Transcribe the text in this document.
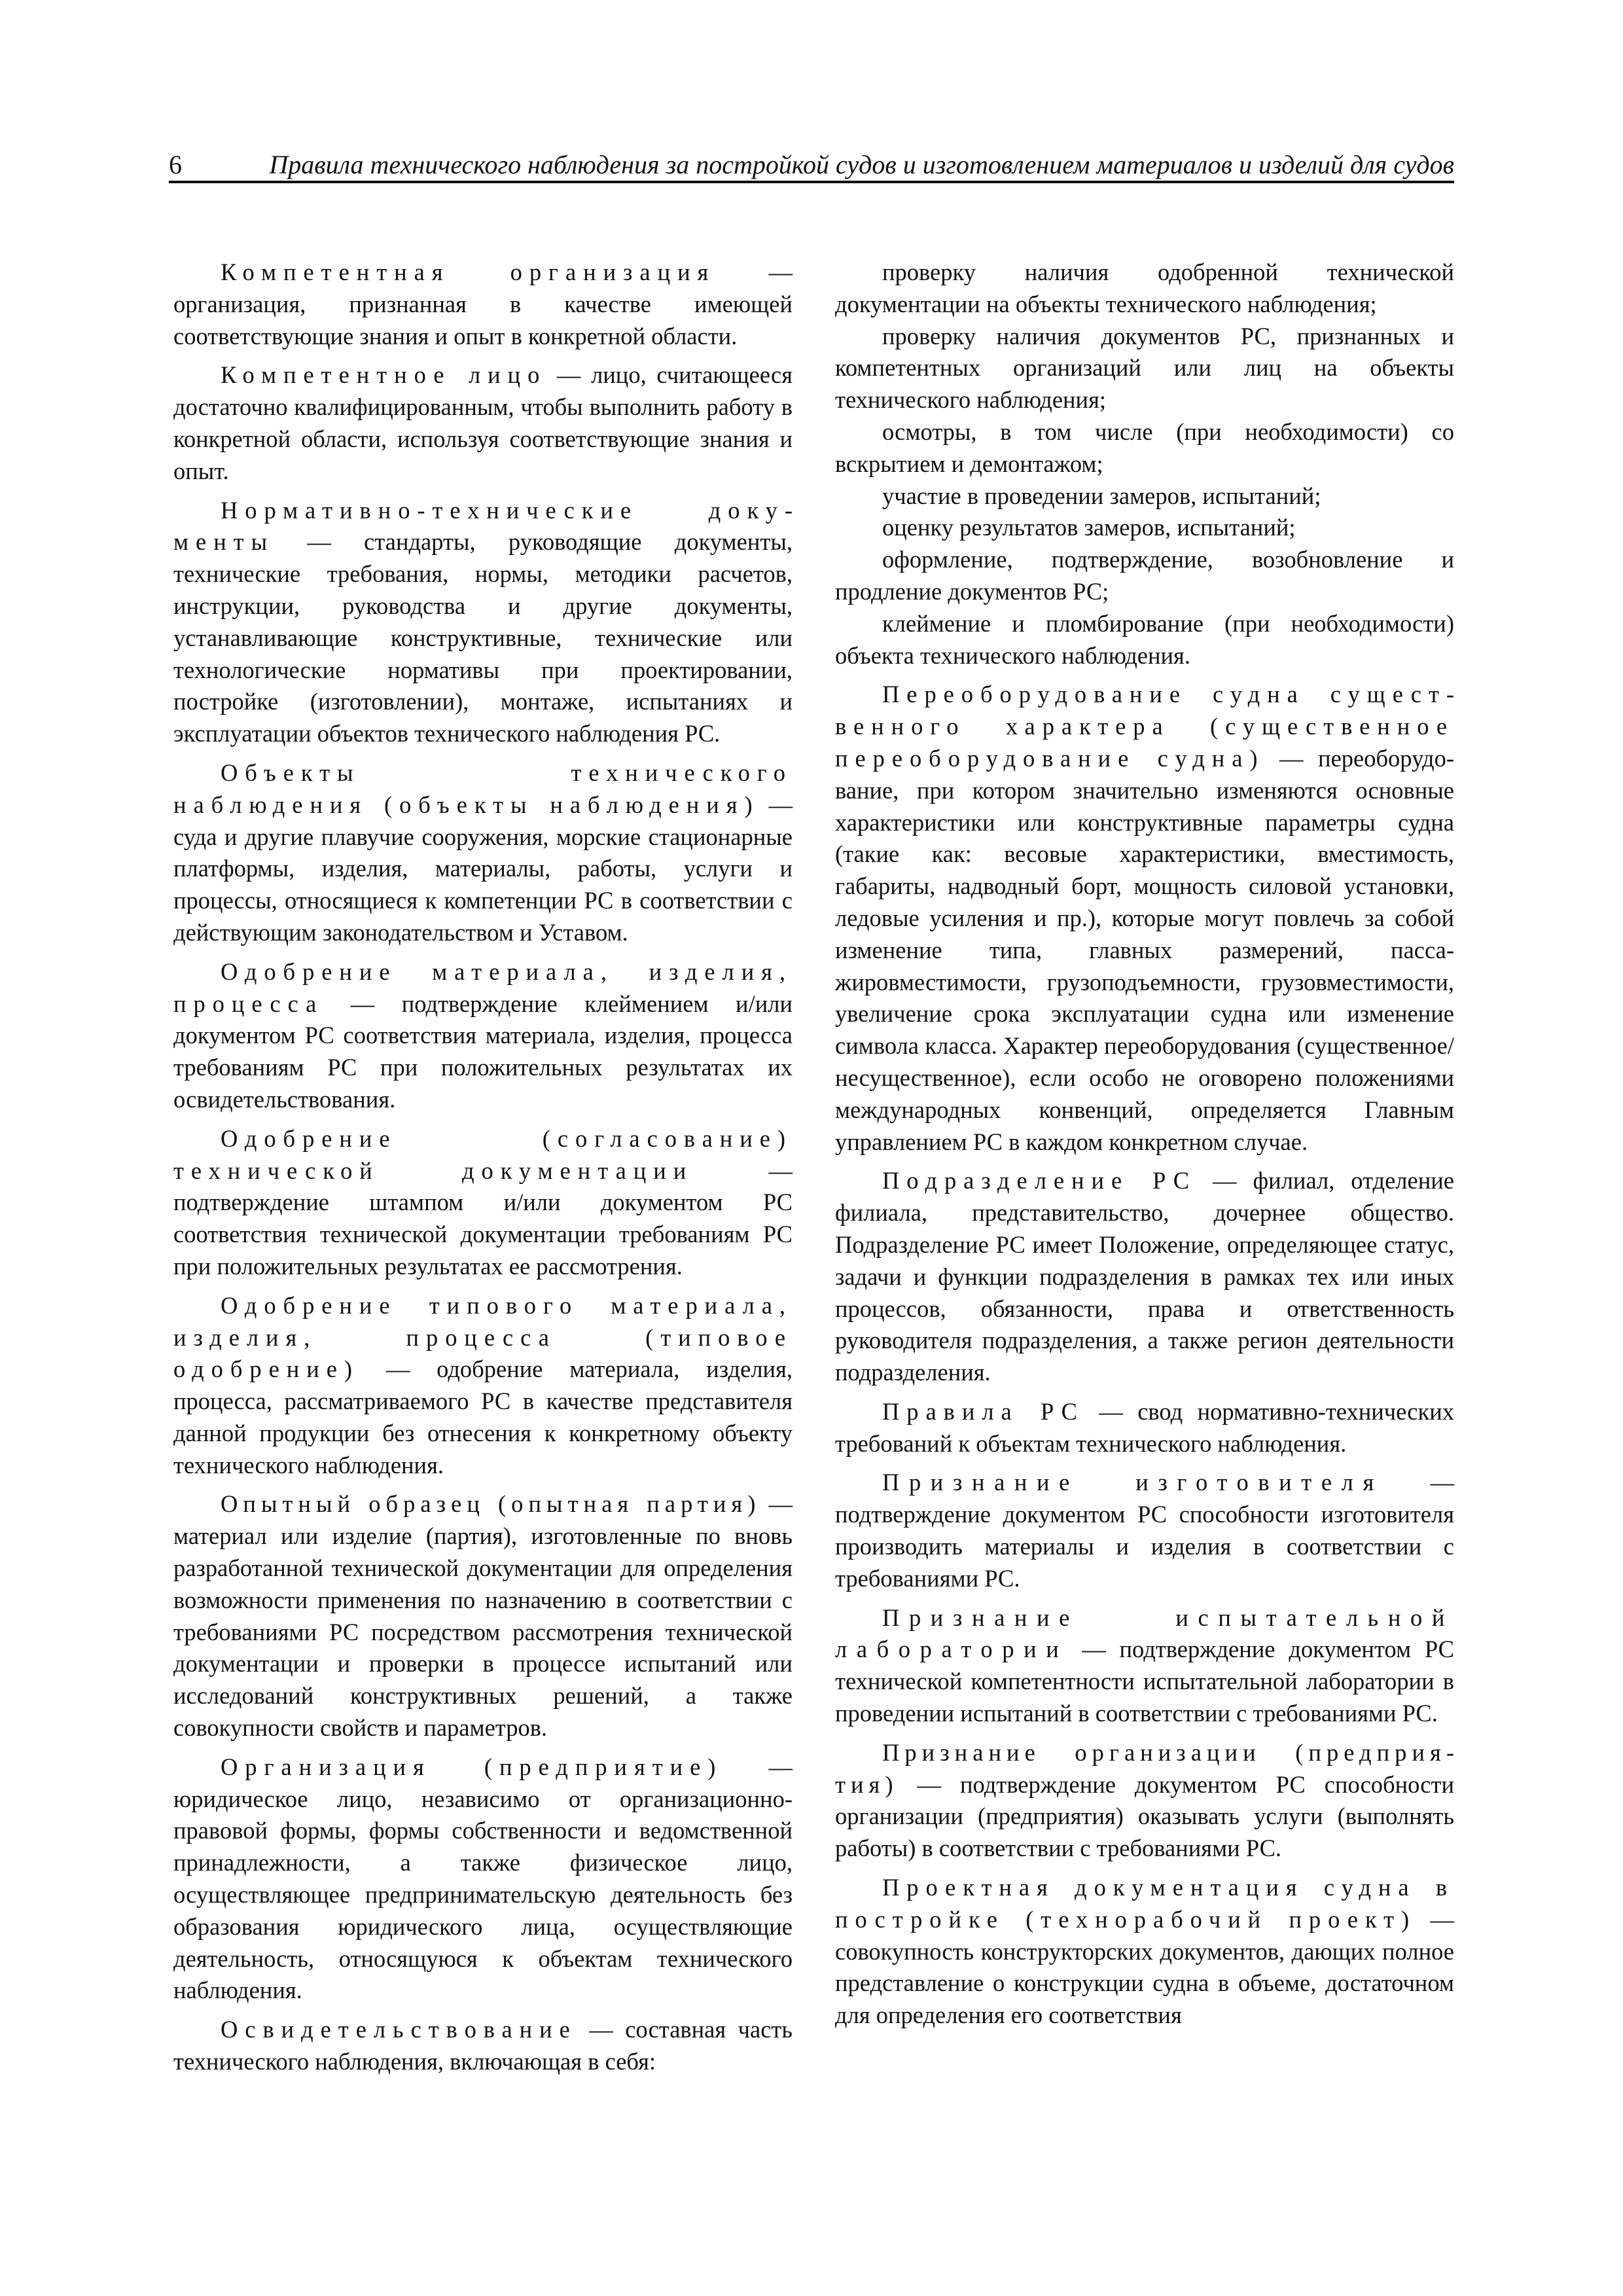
6	Правила технического наблюдения за постройкой судов и изготовлением материалов и изделий для судов

Компетентная организация — организация, признанная в качестве имеющей соответствующие знания и опыт в конкретной области.

Компетентное лицо — лицо, считающееся достаточно квалифицированным, чтобы выполнить работу в конкретной области, используя соответствующие знания и опыт.

Нормативно-технические документы — стандарты, руководящие документы, технические требования, нормы, методики расчетов, инструкции, руководства и другие документы, устанавливающие конструктивные, технические или технологические нормативы при проектировании, постройке (изготовлении), монтаже, испытаниях и эксплуатации объектов технического наблюдения РС.

Объекты технического наблюдения (объекты наблюдения) — суда и другие плавучие сооружения, морские стационарные платформы, изделия, материалы, работы, услуги и процессы, относящиеся к компетенции РС в соответствии с действующим законодательством и Уставом.

Одобрение материала, изделия, процесса — подтверждение клеймением и/или документом РС соответствия материала, изделия, процесса требованиям РС при положительных результатах их освидетельствования.

Одобрение (согласование) технической документации — подтверждение штампом и/или документом РС соответствия технической документации требованиям РС при положительных результатах ее рассмотрения.

Одобрение типового материала, изделия, процесса (типовое одобрение) — одобрение материала, изделия, процесса, рассматриваемого РС в качестве представителя данной продукции без отнесения к конкретному объекту технического наблюдения.

Опытный образец (опытная партия) — материал или изделие (партия), изготовленные по вновь разработанной технической документации для определения возможности применения по назначению в соответствии с требованиями РС посредством рассмотрения технической документации и проверки в процессе испытаний или исследований конструктивных решений, а также совокупности свойств и параметров.

Организация (предприятие) — юридическое лицо, независимо от организационно-правовой формы, формы собственности и ведомственной принадлежности, а также физическое лицо, осуществляющее предпринимательскую деятельность без образования юридического лица, осуществляющие деятельность, относящуюся к объектам технического наблюдения.

Освидетельствование — составная часть технического наблюдения, включающая в себя:

проверку наличия одобренной технической документации на объекты технического наблюдения;

проверку наличия документов РС, признанных и компетентных организаций или лиц на объекты технического наблюдения;

осмотры, в том числе (при необходимости) со вскрытием и демонтажом;

участие в проведении замеров, испытаний;

оценку результатов замеров, испытаний;

оформление, подтверждение, возобновление и продление документов РС;

клеймение и пломбирование (при необходимости) объекта технического наблюдения.

Переоборудование судна существенного характера (существенное переоборудование судна) — переоборудование, при котором значительно изменяются основные характеристики или конструктивные параметры судна (такие как: весовые характеристики, вместимость, габариты, надводный борт, мощность силовой установки, ледовые усиления и пр.), которые могут повлечь за собой изменение типа, главных размерений, пассажировместимости, грузоподъемности, грузовместимости, увеличение срока эксплуатации судна или изменение символа класса. Характер переоборудования (существенное/несущественное), если особо не оговорено положениями международных конвенций, определяется Главным управлением РС в каждом конкретном случае.

Подразделение РС — филиал, отделение филиала, представительство, дочернее общество. Подразделение РС имеет Положение, определяющее статус, задачи и функции подразделения в рамках тех или иных процессов, обязанности, права и ответственность руководителя подразделения, а также регион деятельности подразделения.

Правила РС — свод нормативно-технических требований к объектам технического наблюдения.

Признание изготовителя — подтверждение документом РС способности изготовителя производить материалы и изделия в соответствии с требованиями РС.

Признание испытательной лаборатории — подтверждение документом РС технической компетентности испытательной лаборатории в проведении испытаний в соответствии с требованиями РС.

Признание организации (предприятия) — подтверждение документом РС способности организации (предприятия) оказывать услуги (выполнять работы) в соответствии с требованиями РС.

Проектная документация судна в постройке (технорабочий проект) — совокупность конструкторских документов, дающих полное представление о конструкции судна в объеме, достаточном для определения его соответствия
